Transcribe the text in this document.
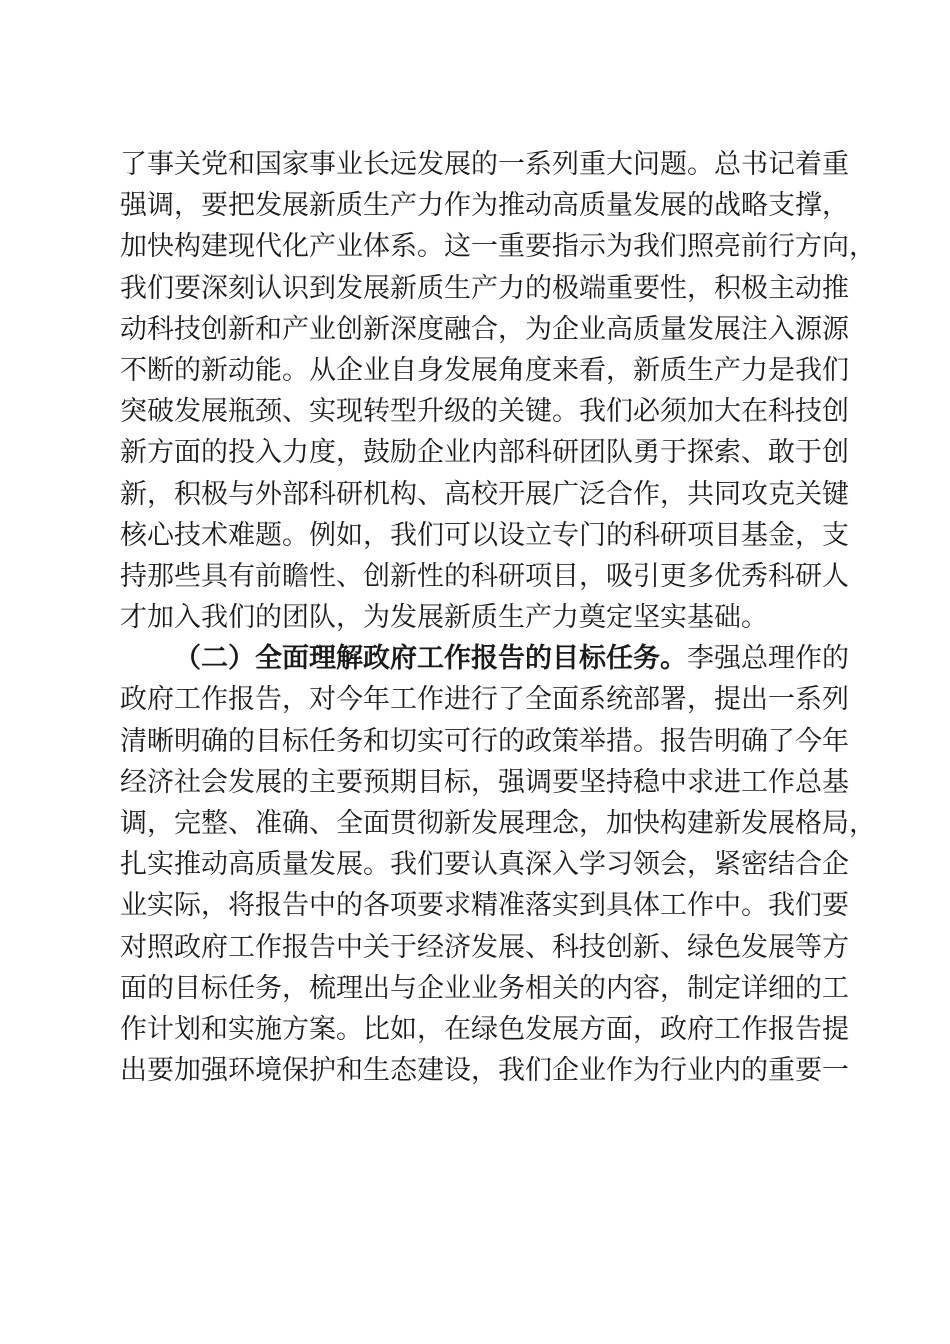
了事关党和国家事业长远发展的一系列重大问题。总书记着重
强调，要把发展新质生产力作为推动高质量发展的战略支撑，
加快构建现代化产业体系。这一重要指示为我们照亮前行方向，
我们要深刻认识到发展新质生产力的极端重要性，积极主动推
动科技创新和产业创新深度融合，为企业高质量发展注入源源
不断的新动能。从企业自身发展角度来看，新质生产力是我们
突破发展瓶颈、实现转型升级的关键。我们必须加大在科技创
新方面的投入力度，鼓励企业内部科研团队勇于探索、敢于创
新，积极与外部科研机构、高校开展广泛合作，共同攻克关键
核心技术难题。例如，我们可以设立专门的科研项目基金，支
持那些具有前瞻性、创新性的科研项目，吸引更多优秀科研人
才加入我们的团队，为发展新质生产力奠定坚实基础。
（二）全面理解政府工作报告的目标任务。李强总理作的
政府工作报告，对今年工作进行了全面系统部署，提出一系列
清晰明确的目标任务和切实可行的政策举措。报告明确了今年
经济社会发展的主要预期目标，强调要坚持稳中求进工作总基
调，完整、准确、全面贯彻新发展理念，加快构建新发展格局，
扎实推动高质量发展。我们要认真深入学习领会，紧密结合企
业实际，将报告中的各项要求精准落实到具体工作中。我们要
对照政府工作报告中关于经济发展、科技创新、绿色发展等方
面的目标任务，梳理出与企业业务相关的内容，制定详细的工
作计划和实施方案。比如，在绿色发展方面，政府工作报告提
出要加强环境保护和生态建设，我们企业作为行业内的重要一
